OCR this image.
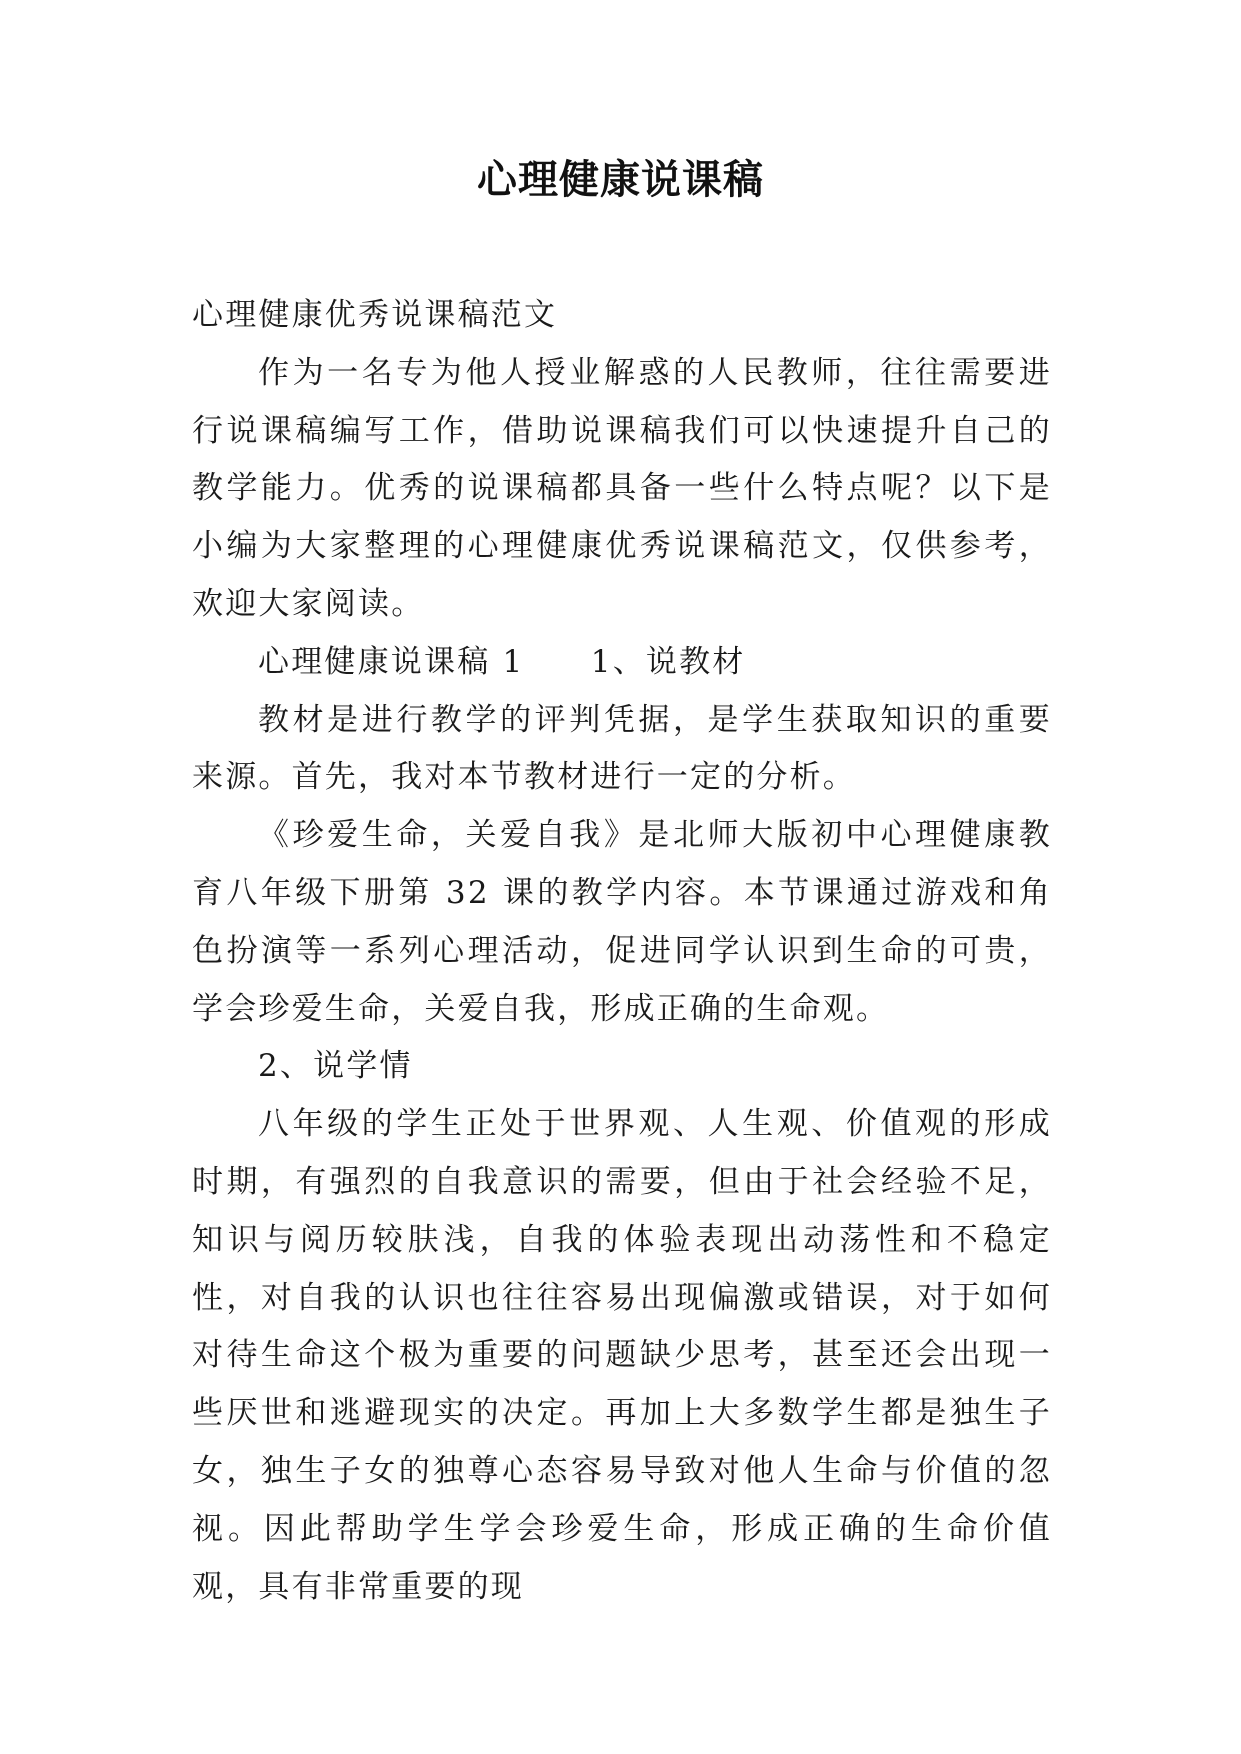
心理健康说课稿

心理健康优秀说课稿范文

作为一名专为他人授业解惑的人民教师，往往需要进行说课稿编写工作，借助说课稿我们可以快速提升自己的教学能力。优秀的说课稿都具备一些什么特点呢？以下是小编为大家整理的心理健康优秀说课稿范文，仅供参考，欢迎大家阅读。

心理健康说课稿 1　　1、说教材

教材是进行教学的评判凭据，是学生获取知识的重要来源。首先，我对本节教材进行一定的分析。

《珍爱生命，关爱自我》是北师大版初中心理健康教育八年级下册第 32 课的教学内容。本节课通过游戏和角色扮演等一系列心理活动，促进同学认识到生命的可贵，学会珍爱生命，关爱自我，形成正确的生命观。

2、说学情

八年级的学生正处于世界观、人生观、价值观的形成时期，有强烈的自我意识的需要，但由于社会经验不足，知识与阅历较肤浅，自我的体验表现出动荡性和不稳定性，对自我的认识也往往容易出现偏激或错误，对于如何对待生命这个极为重要的问题缺少思考，甚至还会出现一些厌世和逃避现实的决定。再加上大多数学生都是独生子女，独生子女的独尊心态容易导致对他人生命与价值的忽视。因此帮助学生学会珍爱生命，形成正确的生命价值观，具有非常重要的现
